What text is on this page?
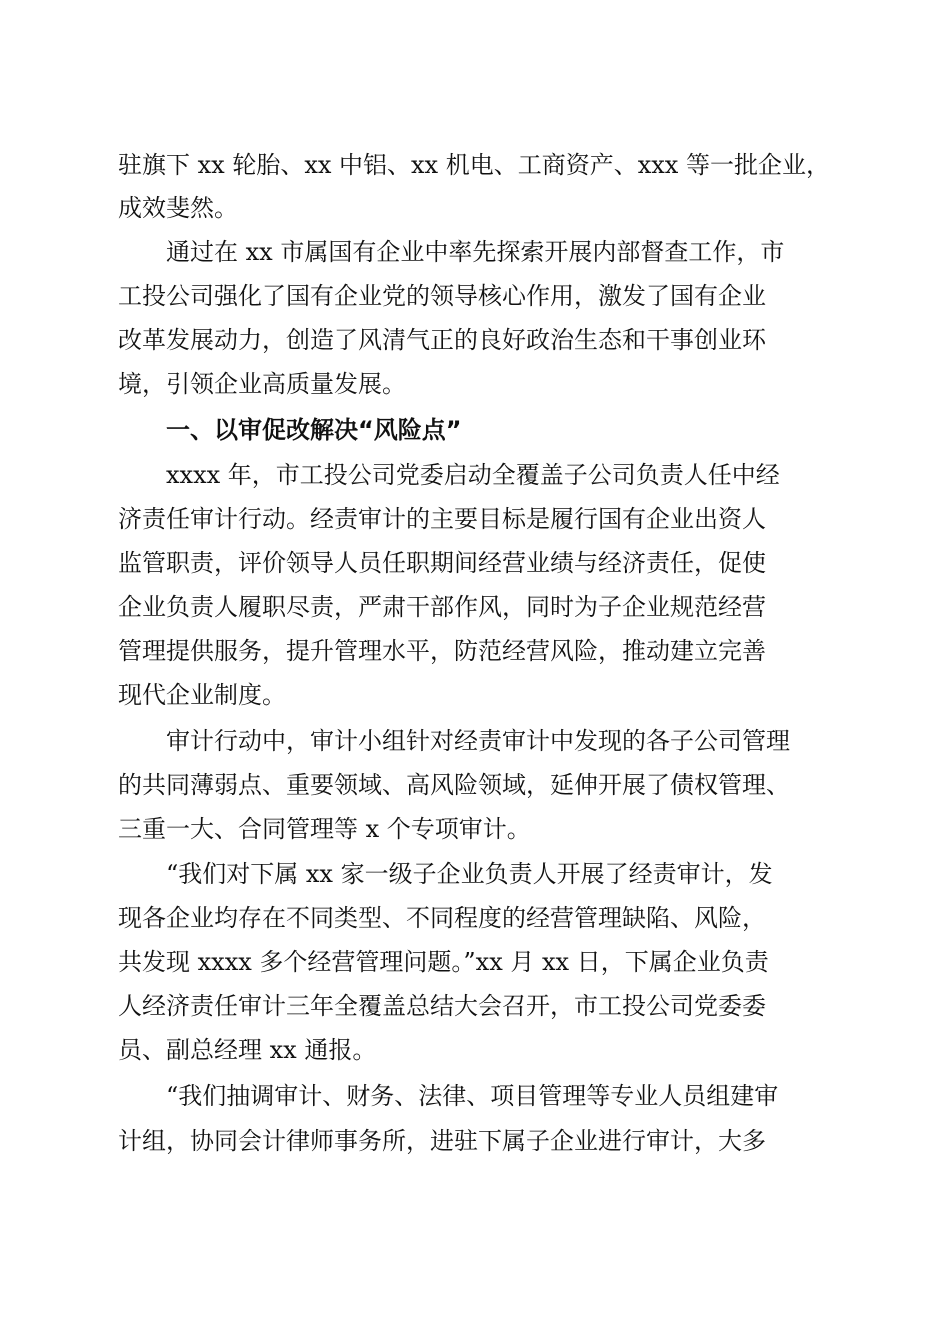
驻旗下 xx 轮胎、xx 中铝、xx 机电、工商资产、xxx 等一批企业，
成效斐然。
　　通过在 xx 市属国有企业中率先探索开展内部督查工作，市
工投公司强化了国有企业党的领导核心作用，激发了国有企业
改革发展动力，创造了风清气正的良好政治生态和干事创业环
境，引领企业高质量发展。
　　一、以审促改解决“风险点”
　　xxxx 年，市工投公司党委启动全覆盖子公司负责人任中经
济责任审计行动。经责审计的主要目标是履行国有企业出资人
监管职责，评价领导人员任职期间经营业绩与经济责任，促使
企业负责人履职尽责，严肃干部作风，同时为子企业规范经营
管理提供服务，提升管理水平，防范经营风险，推动建立完善
现代企业制度。
　　审计行动中，审计小组针对经责审计中发现的各子公司管理
的共同薄弱点、重要领域、高风险领域，延伸开展了债权管理、
三重一大、合同管理等 x 个专项审计。
　　“我们对下属 xx 家一级子企业负责人开展了经责审计，发
现各企业均存在不同类型、不同程度的经营管理缺陷、风险，
共发现 xxxx 多个经营管理问题。”xx 月 xx 日，下属企业负责
人经济责任审计三年全覆盖总结大会召开，市工投公司党委委
员、副总经理 xx 通报。
　　“我们抽调审计、财务、法律、项目管理等专业人员组建审
计组，协同会计律师事务所，进驻下属子企业进行审计，大多
